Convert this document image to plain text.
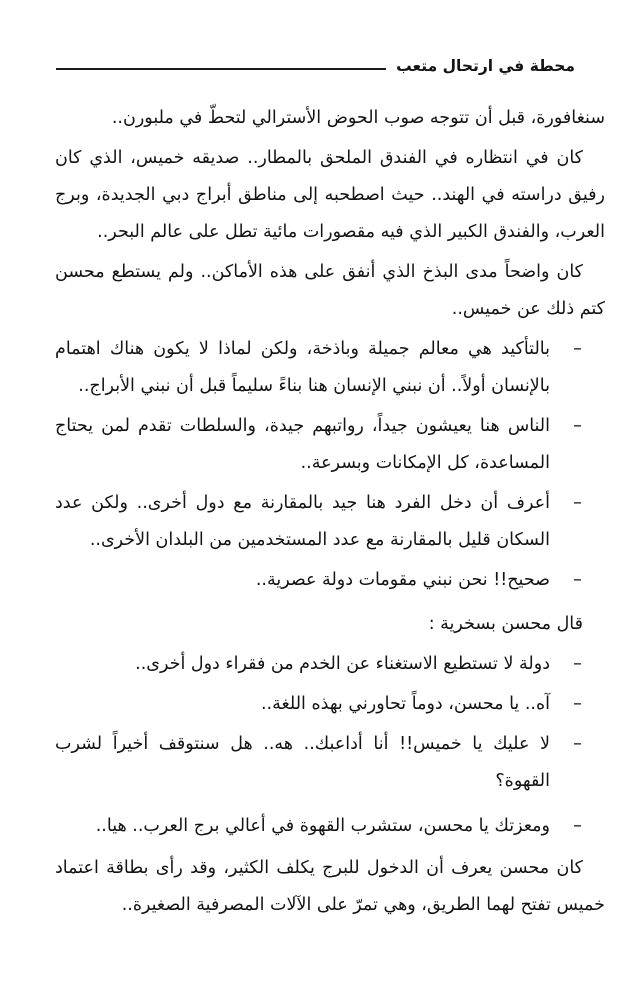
محطة في ارتحال متعب

سنغافورة، قبل أن تتوجه صوب الحوض الأسترالي لتحطّ في ملبورن..

كان في انتظاره في الفندق الملحق بالمطار.. صديقه خميس، الذي كان رفيق دراسته في الهند.. حيث اصطحبه إلى مناطق أبراج دبي الجديدة، وبرج العرب، والفندق الكبير الذي فيه مقصورات مائية تطل على عالم البحر..

كان واضحاً مدى البذخ الذي أنفق على هذه الأماكن.. ولم يستطع محسن كتم ذلك عن خميس..

–

بالتأكيد هي معالم جميلة وباذخة، ولكن لماذا لا يكون هناك اهتمام بالإنسان أولاً.. أن نبني الإنسان هنا بناءً سليماً قبل أن نبني الأبراج..

–

الناس هنا يعيشون جيداً، رواتبهم جيدة، والسلطات تقدم لمن يحتاج المساعدة، كل الإمكانات وبسرعة..

–

أعرف أن دخل الفرد هنا جيد بالمقارنة مع دول أخرى.. ولكن عدد السكان قليل بالمقارنة مع عدد المستخدمين من البلدان الأخرى..

–

صحيح!! نحن نبني مقومات دولة عصرية..

قال محسن بسخرية :

–

دولة لا تستطيع الاستغناء عن الخدم من فقراء دول أخرى..

–

آه.. يا محسن، دوماً تحاورني بهذه اللغة..

–

لا عليك يا خميس!! أنا أداعبك.. هه.. هل سنتوقف أخيراً لشرب القهوة؟

–

ومعزتك يا محسن، ستشرب القهوة في أعالي برج العرب.. هيا..

كان محسن يعرف أن الدخول للبرج يكلف الكثير، وقد رأى بطاقة اعتماد خميس تفتح لهما الطريق، وهي تمرّ على الآلات المصرفية الصغيرة..
